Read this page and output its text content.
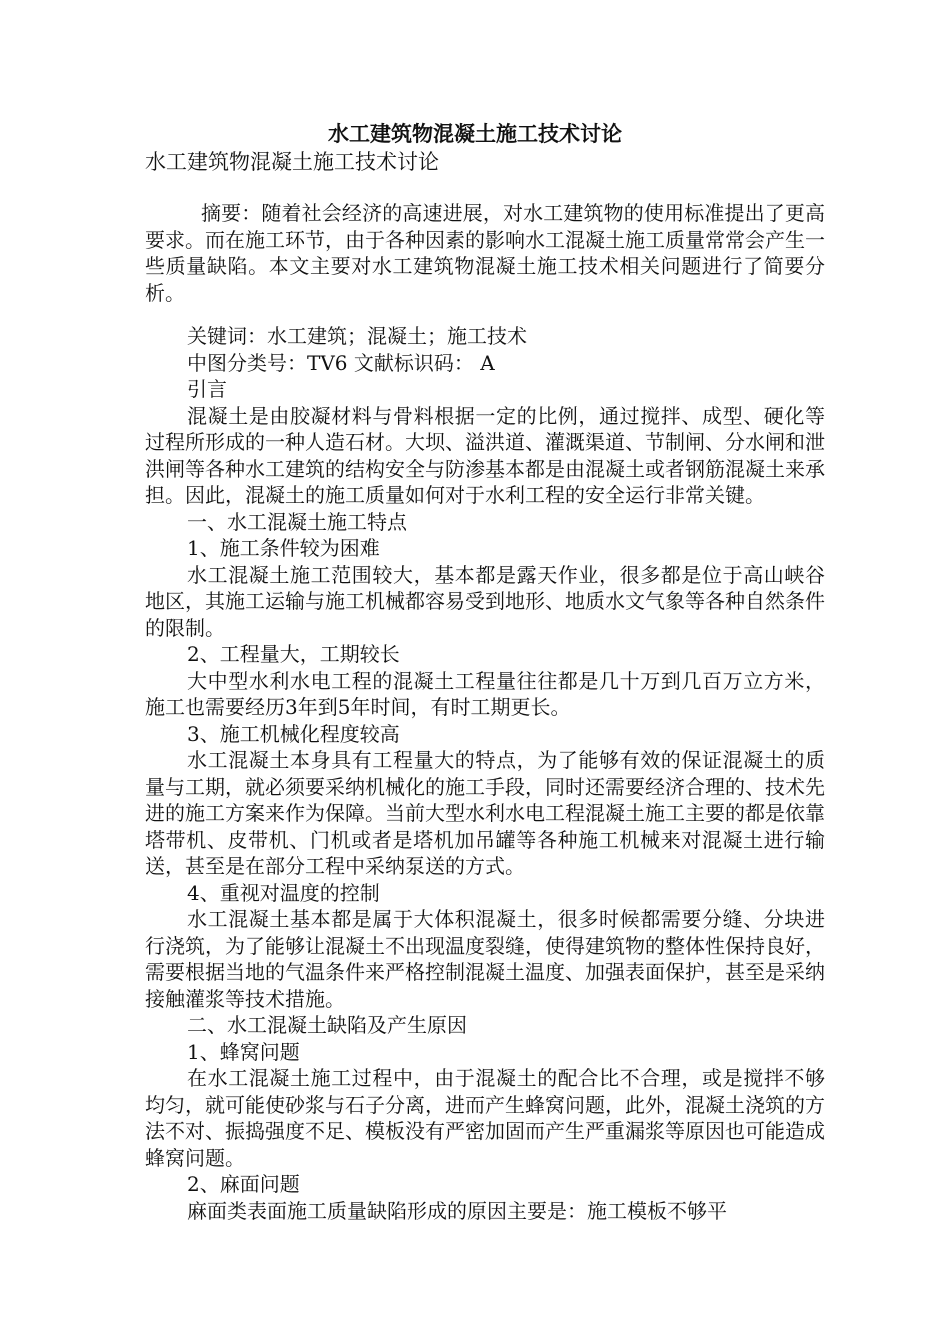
水工建筑物混凝土施工技术讨论
水工建筑物混凝土施工技术讨论

摘要：随着社会经济的高速进展，对水工建筑物的使用标准提出了更高要求。而在施工环节，由于各种因素的影响水工混凝土施工质量常常会产生一些质量缺陷。本文主要对水工建筑物混凝土施工技术相关问题进行了简要分析。

关键词：水工建筑；混凝土；施工技术

中图分类号：TV6 文献标识码： A

引言

混凝土是由胶凝材料与骨料根据一定的比例，通过搅拌、成型、硬化等过程所形成的一种人造石材。大坝、溢洪道、灌溉渠道、节制闸、分水闸和泄洪闸等各种水工建筑的结构安全与防渗基本都是由混凝土或者钢筋混凝土来承担。因此，混凝土的施工质量如何对于水利工程的安全运行非常关键。

一、水工混凝土施工特点

1、施工条件较为困难

水工混凝土施工范围较大，基本都是露天作业，很多都是位于高山峡谷地区，其施工运输与施工机械都容易受到地形、地质水文气象等各种自然条件的限制。

2、工程量大，工期较长

大中型水利水电工程的混凝土工程量往往都是几十万到几百万立方米，施工也需要经历3年到5年时间，有时工期更长。

3、施工机械化程度较高

水工混凝土本身具有工程量大的特点，为了能够有效的保证混凝土的质量与工期，就必须要采纳机械化的施工手段，同时还需要经济合理的、技术先进的施工方案来作为保障。当前大型水利水电工程混凝土施工主要的都是依靠塔带机、皮带机、门机或者是塔机加吊罐等各种施工机械来对混凝土进行输送，甚至是在部分工程中采纳泵送的方式。

4、重视对温度的控制

水工混凝土基本都是属于大体积混凝土，很多时候都需要分缝、分块进行浇筑，为了能够让混凝土不出现温度裂缝，使得建筑物的整体性保持良好，需要根据当地的气温条件来严格控制混凝土温度、加强表面保护，甚至是采纳接触灌浆等技术措施。

二、水工混凝土缺陷及产生原因

1、蜂窝问题

在水工混凝土施工过程中，由于混凝土的配合比不合理，或是搅拌不够均匀，就可能使砂浆与石子分离，进而产生蜂窝问题，此外，混凝土浇筑的方法不对、振捣强度不足、模板没有严密加固而产生严重漏浆等原因也可能造成蜂窝问题。

2、麻面问题

麻面类表面施工质量缺陷形成的原因主要是：施工模板不够平
